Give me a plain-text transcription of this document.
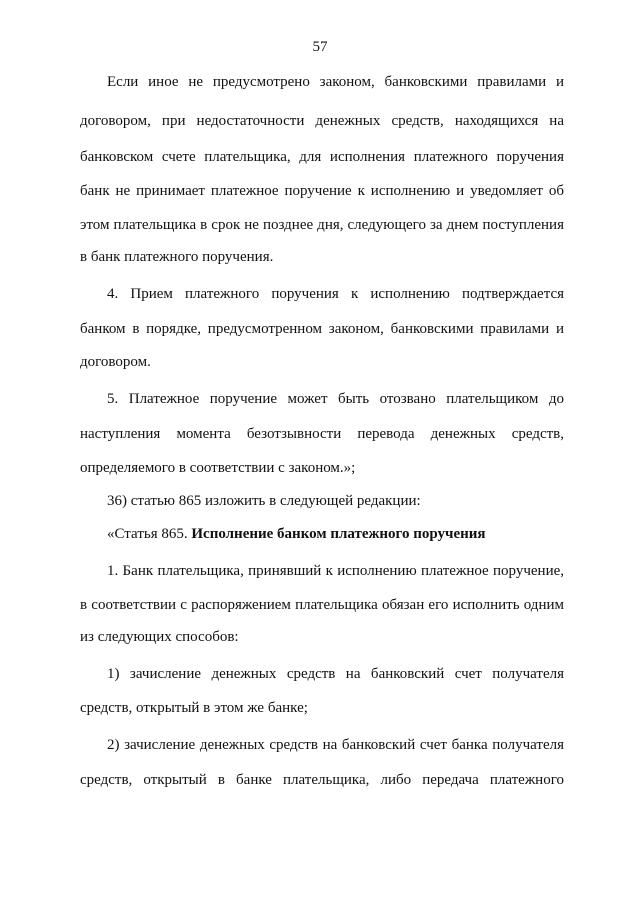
57
Если иное не предусмотрено законом, банковскими правилами и
договором, при недостаточности денежных средств, находящихся на
банковском счете плательщика, для исполнения платежного поручения
банк не принимает платежное поручение к исполнению и уведомляет об
этом плательщика в срок не позднее дня, следующего за днем поступления
в банк платежного поручения.
4. Прием платежного поручения к исполнению подтверждается
банком в порядке, предусмотренном законом, банковскими правилами и
договором.
5. Платежное поручение может быть отозвано плательщиком до
наступления момента безотзывности перевода денежных средств,
определяемого в соответствии с законом.»;
36) статью 865 изложить в следующей редакции:
«Статья 865. Исполнение банком платежного поручения
1. Банк плательщика, принявший к исполнению платежное поручение,
в соответствии с распоряжением плательщика обязан его исполнить одним
из следующих способов:
1) зачисление денежных средств на банковский счет получателя
средств, открытый в этом же банке;
2) зачисление денежных средств на банковский счет банка получателя
средств, открытый в банке плательщика, либо передача платежного
